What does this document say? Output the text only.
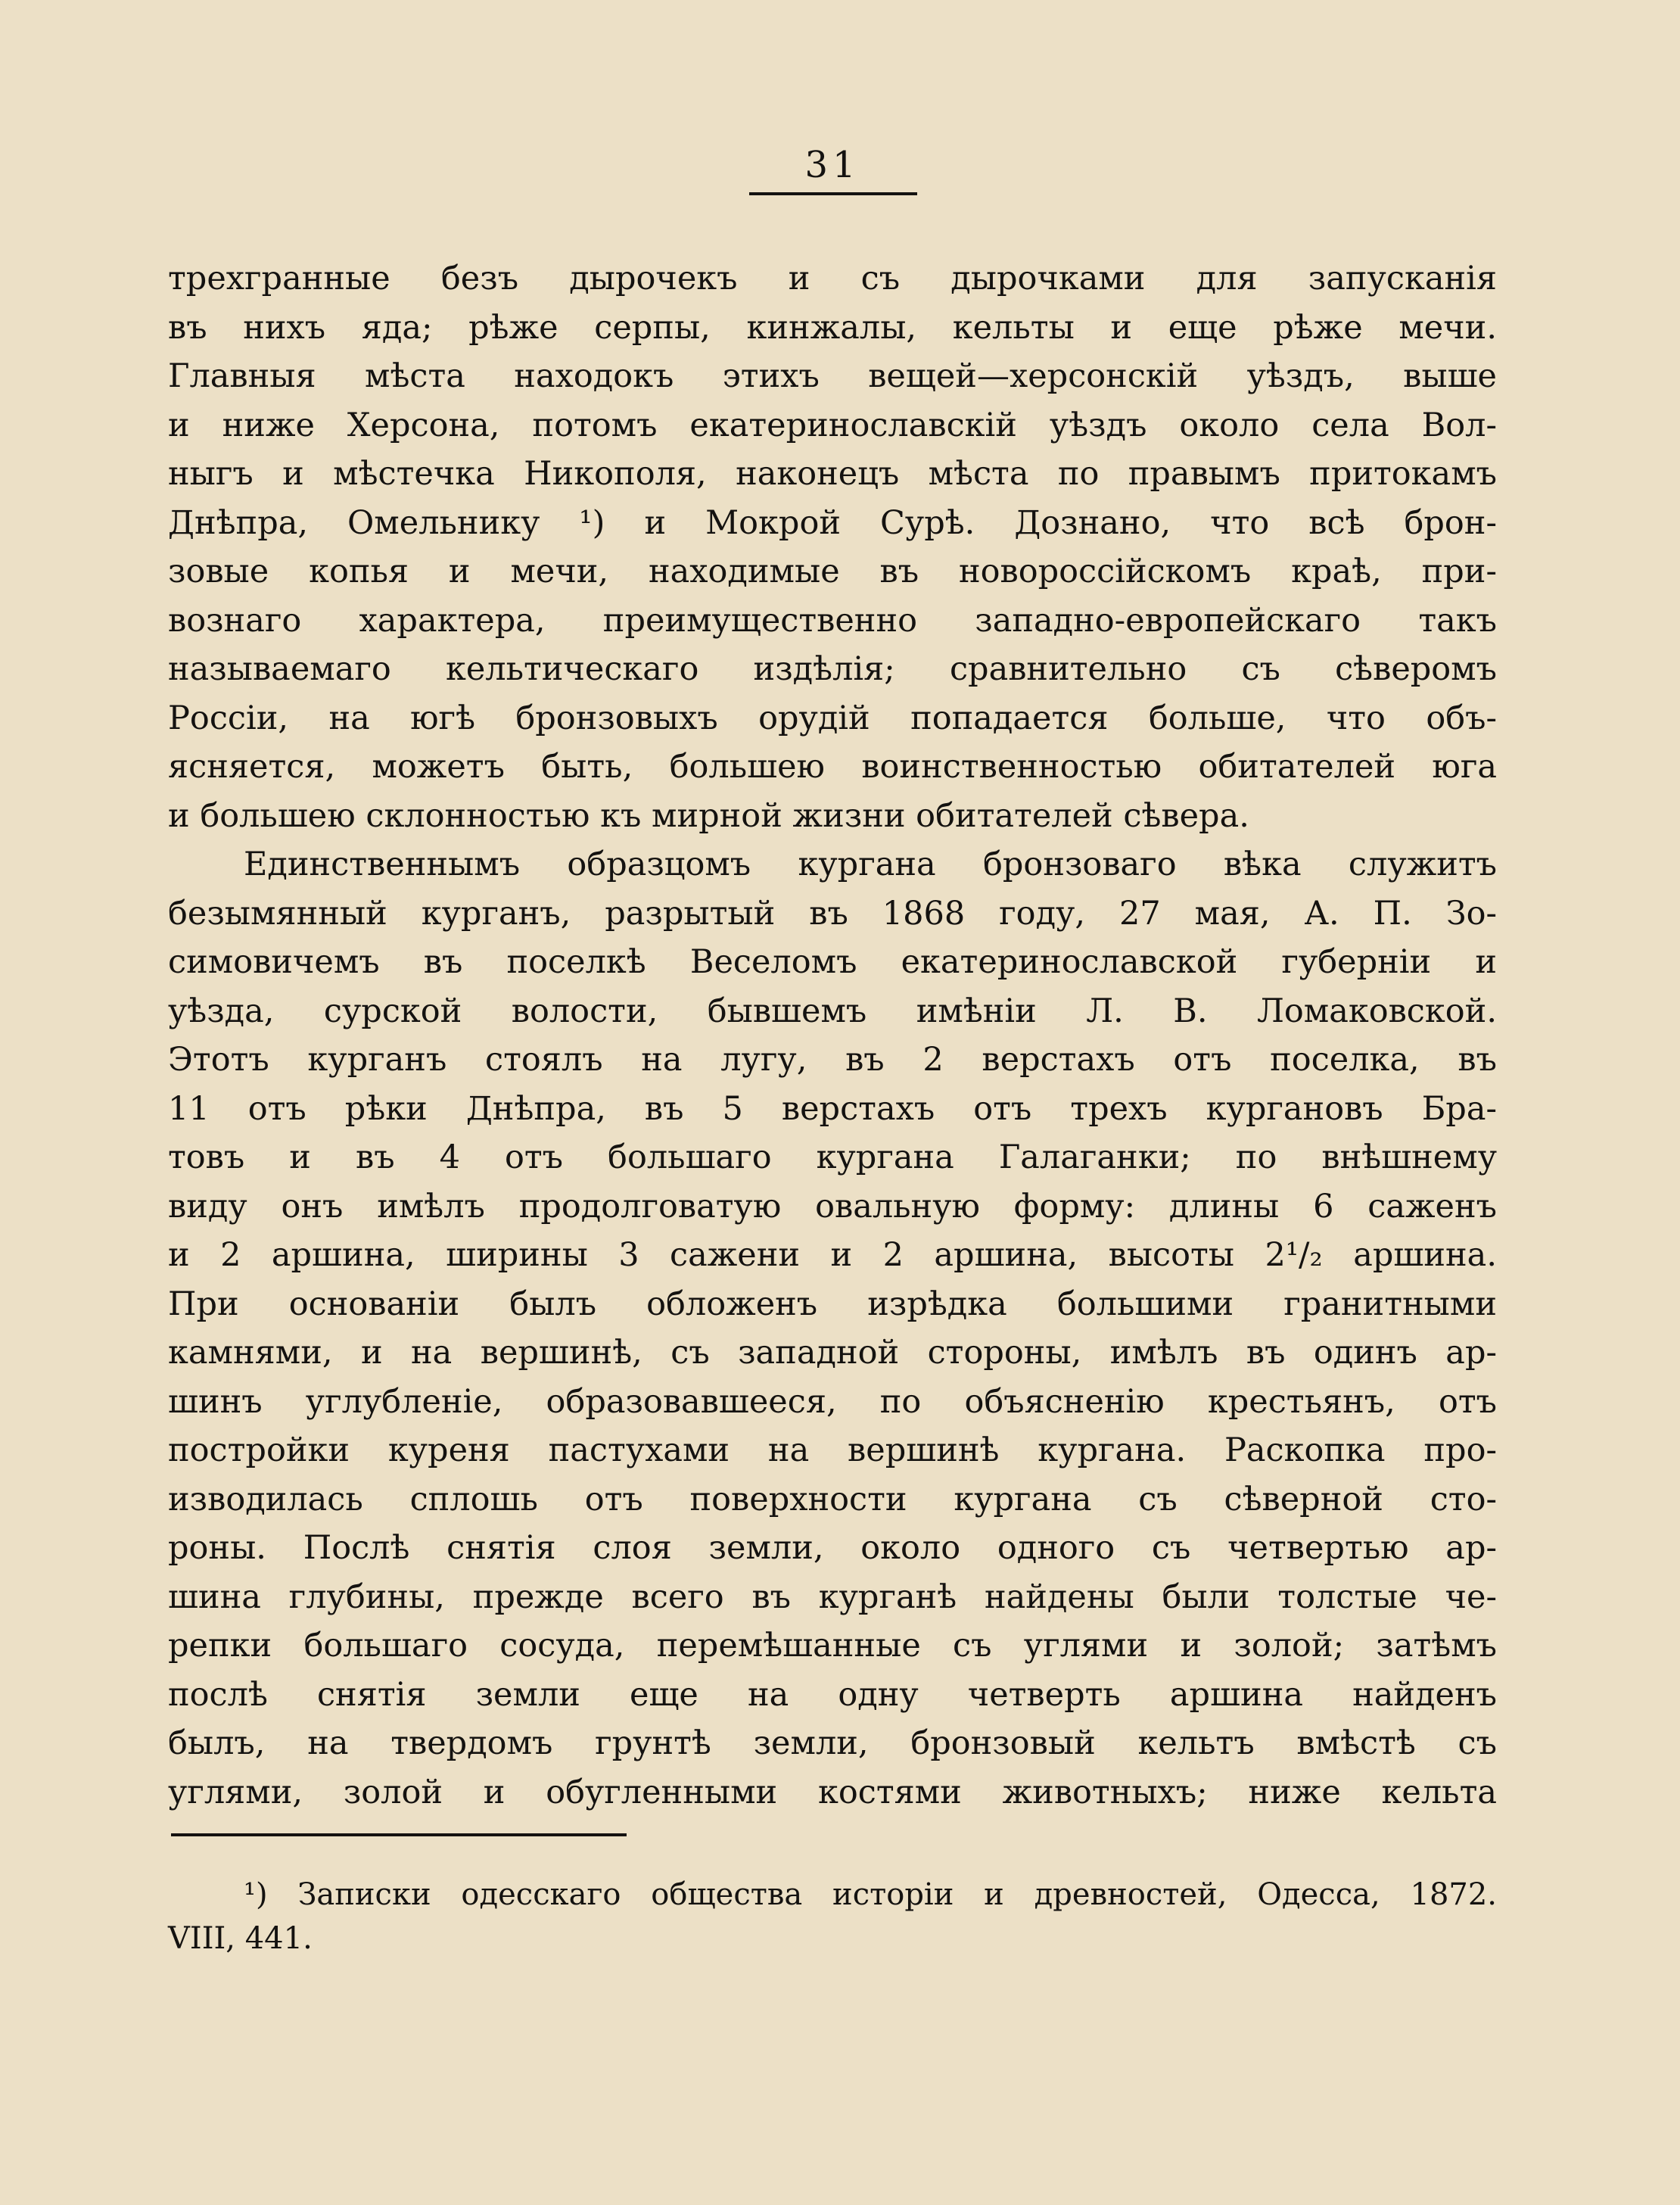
31
трехгранные безъ дырочекъ и съ дырочками для запусканія
въ нихъ яда; рѣже серпы, кинжалы, кельты и еще рѣже мечи.
Главныя мѣста находокъ этихъ вещей—херсонскій уѣздъ, выше
и ниже Херсона, потомъ екатеринославскій уѣздъ около села Вол-
ныгъ и мѣстечка Никополя, наконецъ мѣста по правымъ притокамъ
Днѣпра, Омельнику ¹) и Мокрой Сурѣ. Дознано, что всѣ брон-
зовые копья и мечи, находимые въ новороссійскомъ краѣ, при-
вознаго характера, преимущественно западно-европейскаго такъ
называемаго кельтическаго издѣлія; сравнительно съ сѣверомъ
Россіи, на югѣ бронзовыхъ орудій попадается больше, что объ-
ясняется, можетъ быть, большею воинственностью обитателей юга
и большею склонностью къ мирной жизни обитателей сѣвера.
Единственнымъ образцомъ кургана бронзоваго вѣка служитъ
безымянный курганъ, разрытый въ 1868 году, 27 мая, А. П. Зо-
симовичемъ въ поселкѣ Веселомъ екатеринославской губерніи и
уѣзда, сурской волости, бывшемъ имѣніи Л. В. Ломаковской.
Этотъ курганъ стоялъ на лугу, въ 2 верстахъ отъ поселка, въ
11 отъ рѣки Днѣпра, въ 5 верстахъ отъ трехъ кургановъ Бра-
товъ и въ 4 отъ большаго кургана Галаганки; по внѣшнему
виду онъ имѣлъ продолговатую овальную форму: длины 6 саженъ
и 2 аршина, ширины 3 сажени и 2 аршина, высоты 2¹/₂ аршина.
При основаніи былъ обложенъ изрѣдка большими гранитными
камнями, и на вершинѣ, съ западной стороны, имѣлъ въ одинъ ар-
шинъ углубленіе, образовавшееся, по объясненію крестьянъ, отъ
постройки куреня пастухами на вершинѣ кургана. Раскопка про-
изводилась сплошь отъ поверхности кургана съ сѣверной сто-
роны. Послѣ снятія слоя земли, около одного съ четвертью ар-
шина глубины, прежде всего въ курганѣ найдены были толстые че-
репки большаго сосуда, перемѣшанные съ углями и золой; затѣмъ
послѣ снятія земли еще на одну четверть аршина найденъ
былъ, на твердомъ грунтѣ земли, бронзовый кельтъ вмѣстѣ съ
углями, золой и обугленными костями животныхъ; ниже кельта
¹) Записки одесскаго общества исторіи и древностей, Одесса, 1872.
VIII, 441.
